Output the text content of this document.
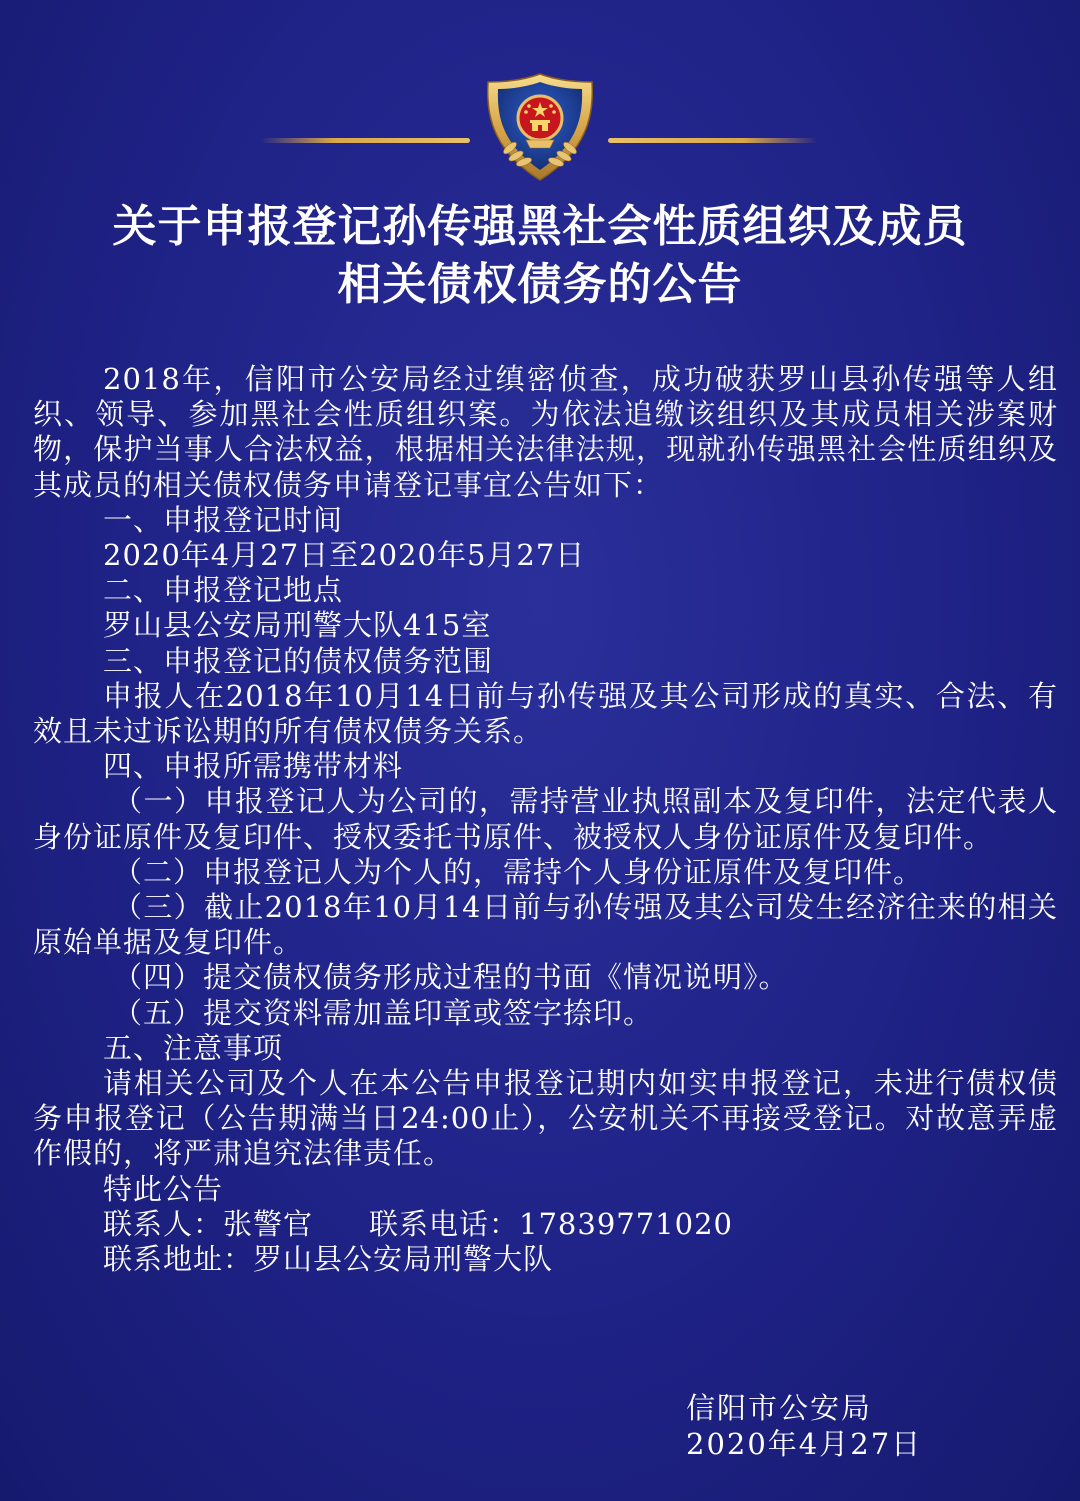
关于申报登记孙传强黑社会性质组织及成员
相关债权债务的公告

2018年，信阳市公安局经过缜密侦查，成功破获罗山县孙传强等人组织、领导、参加黑社会性质组织案。为依法追缴该组织及其成员相关涉案财物，保护当事人合法权益，根据相关法律法规，现就孙传强黑社会性质组织及其成员的相关债权债务申请登记事宜公告如下：

一、申报登记时间

2020年4月27日至2020年5月27日

二、申报登记地点

罗山县公安局刑警大队415室

三、申报登记的债权债务范围

申报人在2018年10月14日前与孙传强及其公司形成的真实、合法、有效且未过诉讼期的所有债权债务关系。

四、申报所需携带材料

（一）申报登记人为公司的，需持营业执照副本及复印件，法定代表人身份证原件及复印件、授权委托书原件、被授权人身份证原件及复印件。

（二）申报登记人为个人的，需持个人身份证原件及复印件。

（三）截止2018年10月14日前与孙传强及其公司发生经济往来的相关原始单据及复印件。

（四）提交债权债务形成过程的书面《情况说明》。

（五）提交资料需加盖印章或签字捺印。

五、注意事项

请相关公司及个人在本公告申报登记期内如实申报登记，未进行债权债务申报登记（公告期满当日24:00止），公安机关不再接受登记。对故意弄虚作假的，将严肃追究法律责任。

特此公告

联系人：张警官 联系电话：17839771020

联系地址：罗山县公安局刑警大队

信阳市公安局
2020年4月27日
